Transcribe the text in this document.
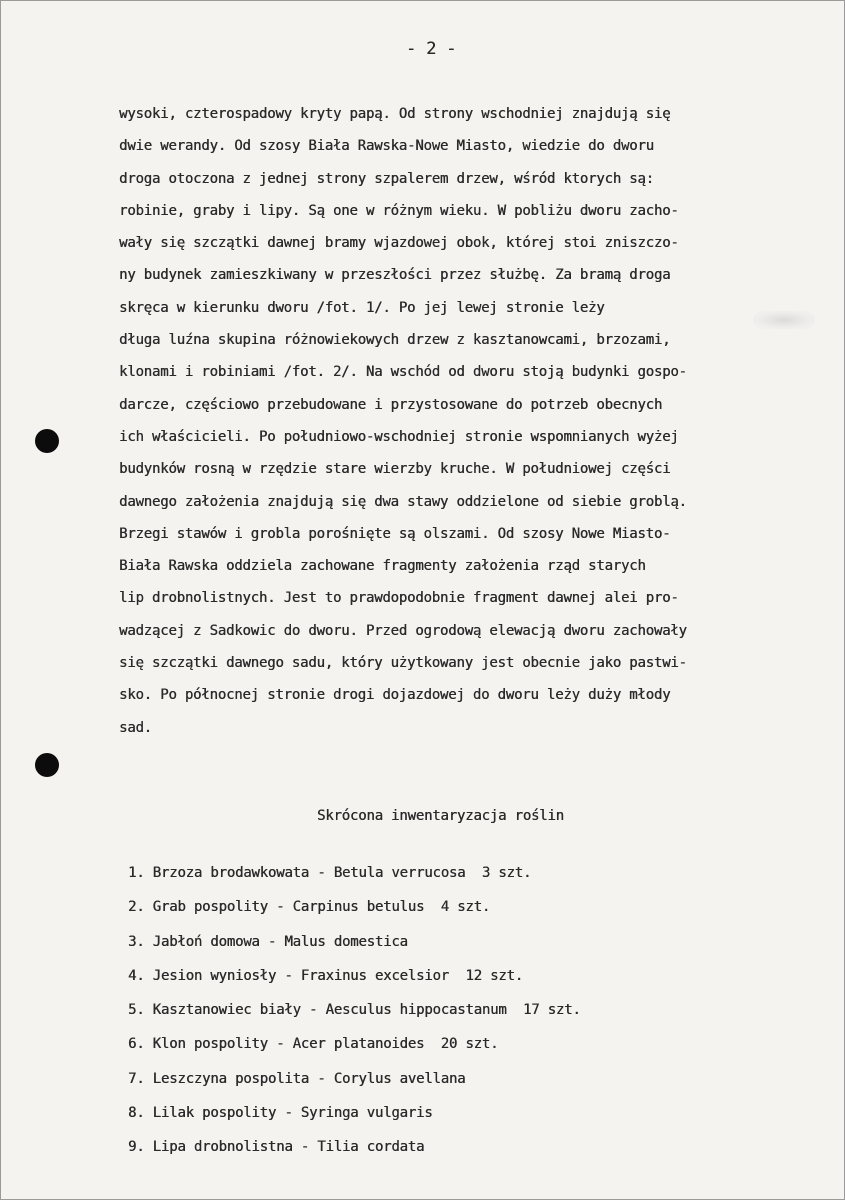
- 2 -
wysoki, czterospadowy kryty papą. Od strony wschodniej znajdują się
dwie werandy. Od szosy Biała Rawska-Nowe Miasto, wiedzie do dworu
droga otoczona z jednej strony szpalerem drzew, wśród ktorych są:
robinie, graby i lipy. Są one w różnym wieku. W pobliżu dworu zacho-
wały się szczątki dawnej bramy wjazdowej obok, której stoi zniszczo-
ny budynek zamieszkiwany w przeszłości przez służbę. Za bramą droga
skręca w kierunku dworu /fot. 1/. Po jej lewej stronie leży
długa luźna skupina różnowiekowych drzew z kasztanowcami, brzozami,
klonami i robiniami /fot. 2/. Na wschód od dworu stoją budynki gospo-
darcze, częściowo przebudowane i przystosowane do potrzeb obecnych
ich właścicieli. Po południowo-wschodniej stronie wspomnianych wyżej
budynków rosną w rzędzie stare wierzby kruche. W południowej części
dawnego założenia znajdują się dwa stawy oddzielone od siebie groblą.
Brzegi stawów i grobla porośnięte są olszami. Od szosy Nowe Miasto-
Biała Rawska oddziela zachowane fragmenty założenia rząd starych
lip drobnolistnych. Jest to prawdopodobnie fragment dawnej alei pro-
wadzącej z Sadkowic do dworu. Przed ogrodową elewacją dworu zachowały
się szczątki dawnego sadu, który użytkowany jest obecnie jako pastwi-
sko. Po północnej stronie drogi dojazdowej do dworu leży duży młody
sad.
Skrócona inwentaryzacja roślin
1. Brzoza brodawkowata - Betula verrucosa  3 szt.
2. Grab pospolity - Carpinus betulus  4 szt.
3. Jabłoń domowa - Malus domestica
4. Jesion wyniosły - Fraxinus excelsior  12 szt.
5. Kasztanowiec biały - Aesculus hippocastanum  17 szt.
6. Klon pospolity - Acer platanoides  20 szt.
7. Leszczyna pospolita - Corylus avellana
8. Lilak pospolity - Syringa vulgaris
9. Lipa drobnolistna - Tilia cordata
